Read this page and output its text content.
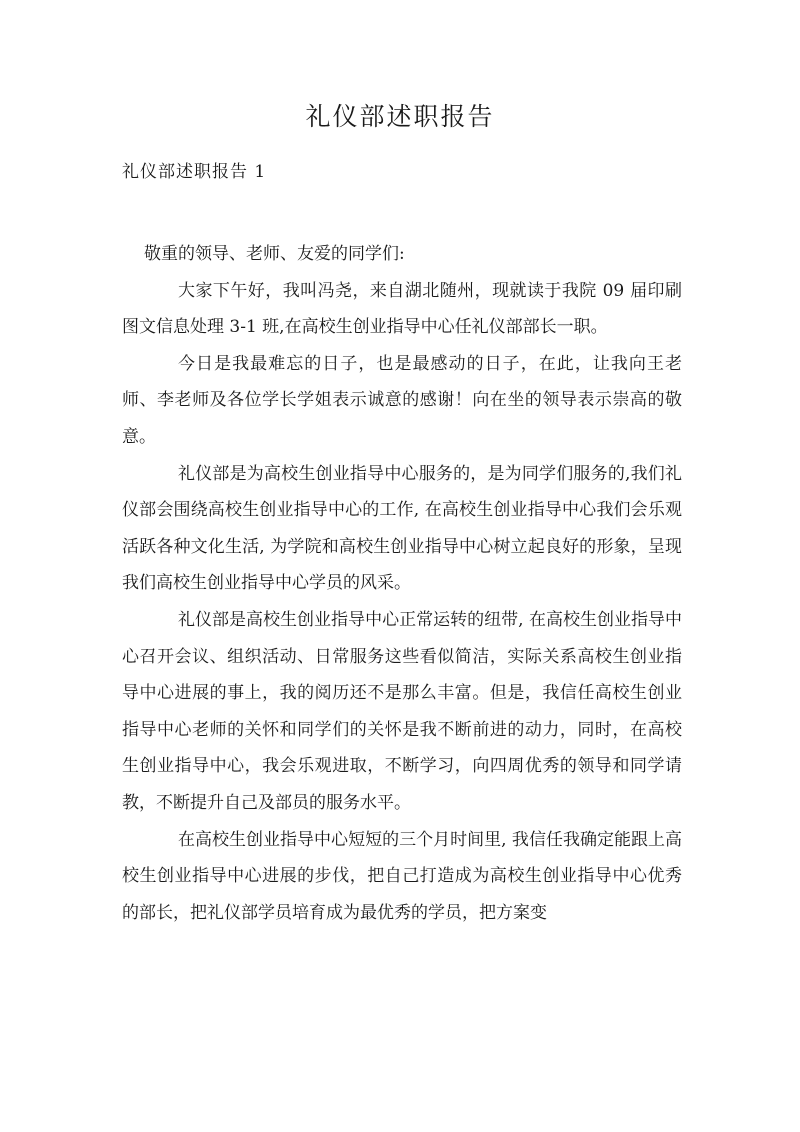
礼仪部述职报告
礼仪部述职报告 1

敬重的领导、老师、友爱的同学们:

大家下午好，我叫冯尧，来自湖北随州，现就读于我院 09 届印刷图文信息处理 3-1 班,在高校生创业指导中心任礼仪部部长一职。

今日是我最难忘的日子，也是最感动的日子，在此，让我向王老师、李老师及各位学长学姐表示诚意的感谢！向在坐的领导表示崇高的敬意。

礼仪部是为高校生创业指导中心服务的，是为同学们服务的,我们礼仪部会围绕高校生创业指导中心的工作, 在高校生创业指导中心我们会乐观活跃各种文化生活, 为学院和高校生创业指导中心树立起良好的形象，呈现我们高校生创业指导中心学员的风采。

礼仪部是高校生创业指导中心正常运转的纽带, 在高校生创业指导中心召开会议、组织活动、日常服务这些看似简洁，实际关系高校生创业指导中心进展的事上，我的阅历还不是那么丰富。但是，我信任高校生创业指导中心老师的关怀和同学们的关怀是我不断前进的动力，同时，在高校生创业指导中心，我会乐观进取，不断学习，向四周优秀的领导和同学请教，不断提升自己及部员的服务水平。

在高校生创业指导中心短短的三个月时间里, 我信任我确定能跟上高校生创业指导中心进展的步伐，把自己打造成为高校生创业指导中心优秀的部长，把礼仪部学员培育成为最优秀的学员，把方案变
